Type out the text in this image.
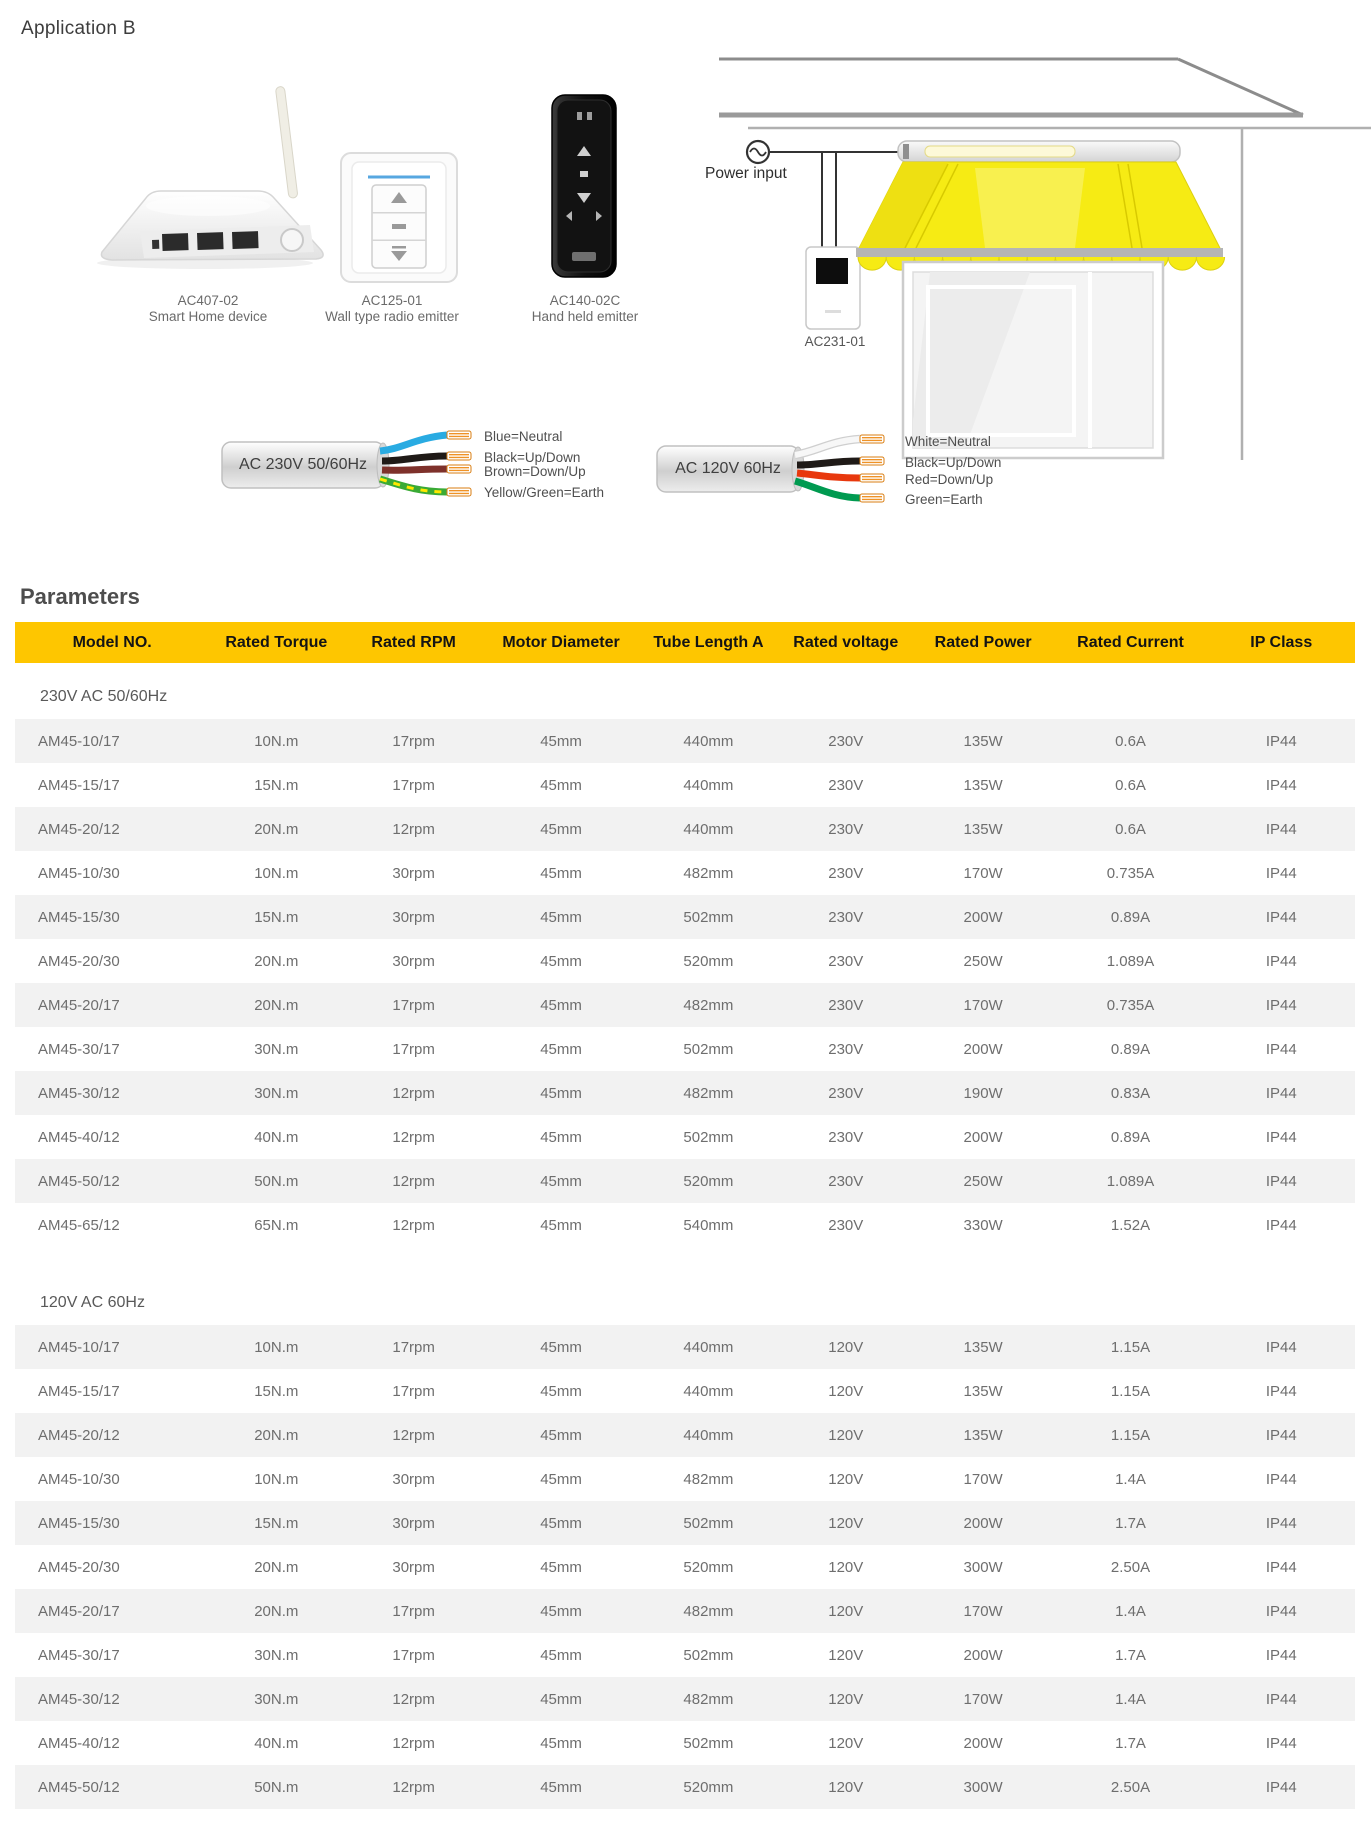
Application B
AC407-02
Smart Home device
AC125-01
Wall type radio emitter
AC140-02C
Hand held emitter
Power input
AC231-01
AC 230V 50/60Hz	AC 120V 60Hz
Blue=Neutral
Black=Up/Down
Brown=Down/Up
Yellow/Green=Earth
White=Neutral
Black=Up/Down
Red=Down/Up
Green=Earth
Parameters
Model NO.	Rated Torque	Rated RPM	Motor Diameter	Tube Length A	Rated voltage	Rated Power	Rated Current	IP Class
230V AC 50/60Hz
AM45-10/17	10N.m	17rpm	45mm	440mm	230V	135W	0.6A	IP44
AM45-15/17	15N.m	17rpm	45mm	440mm	230V	135W	0.6A	IP44
AM45-20/12	20N.m	12rpm	45mm	440mm	230V	135W	0.6A	IP44
AM45-10/30	10N.m	30rpm	45mm	482mm	230V	170W	0.735A	IP44
AM45-15/30	15N.m	30rpm	45mm	502mm	230V	200W	0.89A	IP44
AM45-20/30	20N.m	30rpm	45mm	520mm	230V	250W	1.089A	IP44
AM45-20/17	20N.m	17rpm	45mm	482mm	230V	170W	0.735A	IP44
AM45-30/17	30N.m	17rpm	45mm	502mm	230V	200W	0.89A	IP44
AM45-30/12	30N.m	12rpm	45mm	482mm	230V	190W	0.83A	IP44
AM45-40/12	40N.m	12rpm	45mm	502mm	230V	200W	0.89A	IP44
AM45-50/12	50N.m	12rpm	45mm	520mm	230V	250W	1.089A	IP44
AM45-65/12	65N.m	12rpm	45mm	540mm	230V	330W	1.52A	IP44
120V AC 60Hz
AM45-10/17	10N.m	17rpm	45mm	440mm	120V	135W	1.15A	IP44
AM45-15/17	15N.m	17rpm	45mm	440mm	120V	135W	1.15A	IP44
AM45-20/12	20N.m	12rpm	45mm	440mm	120V	135W	1.15A	IP44
AM45-10/30	10N.m	30rpm	45mm	482mm	120V	170W	1.4A	IP44
AM45-15/30	15N.m	30rpm	45mm	502mm	120V	200W	1.7A	IP44
AM45-20/30	20N.m	30rpm	45mm	520mm	120V	300W	2.50A	IP44
AM45-20/17	20N.m	17rpm	45mm	482mm	120V	170W	1.4A	IP44
AM45-30/17	30N.m	17rpm	45mm	502mm	120V	200W	1.7A	IP44
AM45-30/12	30N.m	12rpm	45mm	482mm	120V	170W	1.4A	IP44
AM45-40/12	40N.m	12rpm	45mm	502mm	120V	200W	1.7A	IP44
AM45-50/12	50N.m	12rpm	45mm	520mm	120V	300W	2.50A	IP44
